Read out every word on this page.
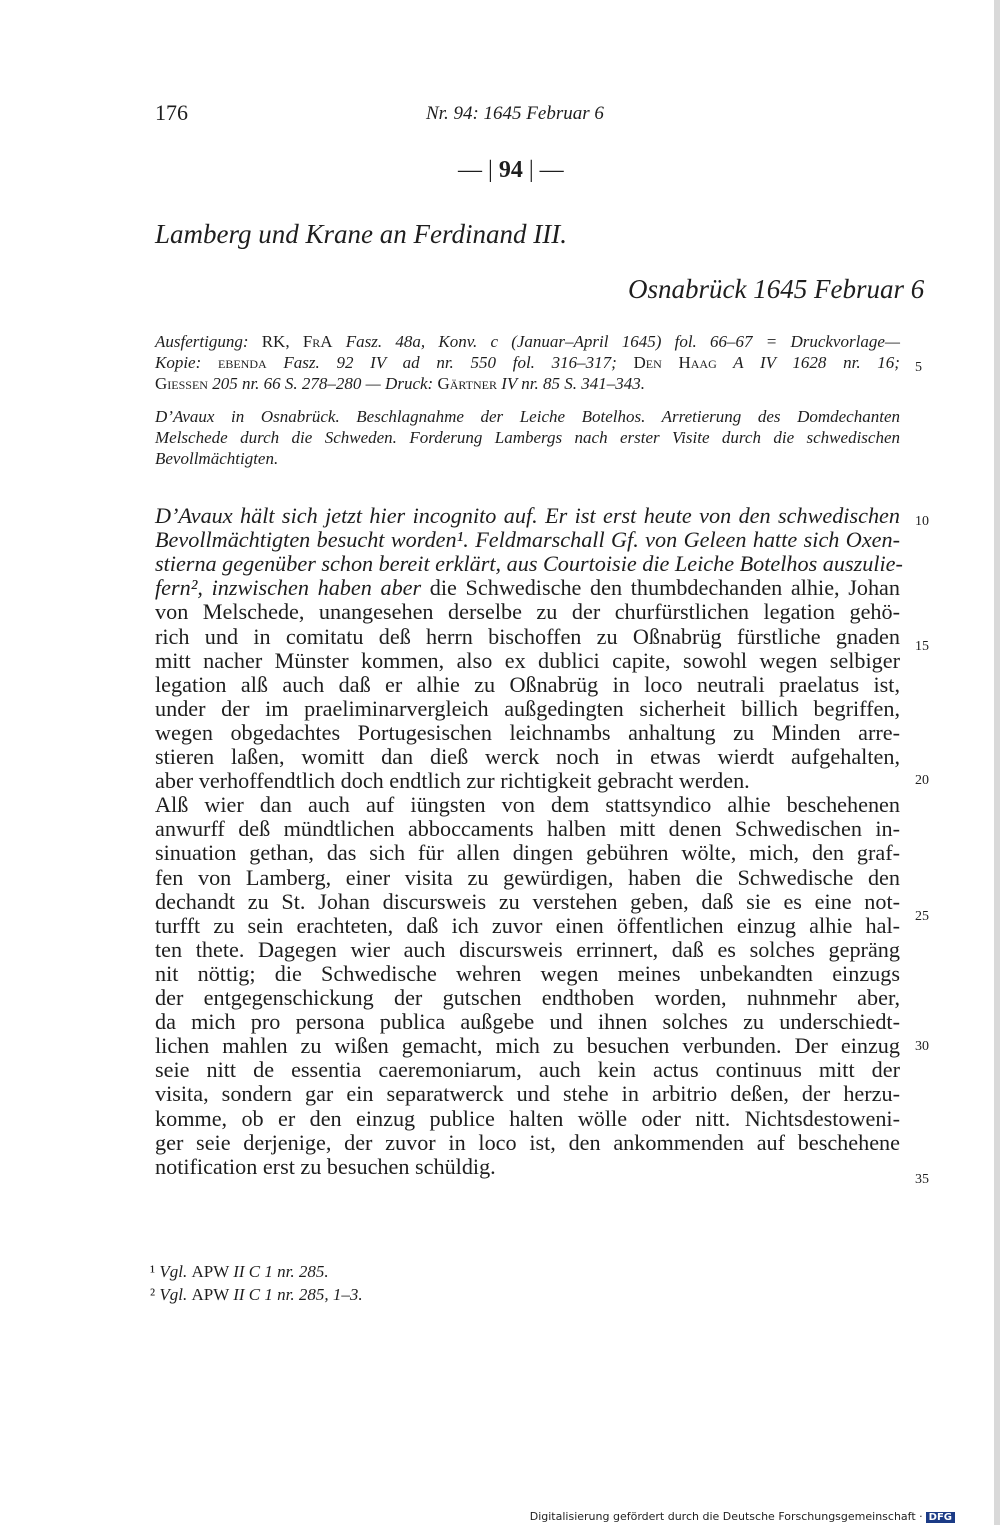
176	Nr. 94: 1645 Februar 6
— | 94 | —
Lamberg und Krane an Ferdinand III.
Osnabrück 1645 Februar 6
Ausfertigung: RK, FrA Fasz. 48a, Konv. c (Januar–April 1645) fol. 66–67 = Druckvorlage—
Kopie: ebenda Fasz. 92 IV ad nr. 550 fol. 316–317; Den Haag A IV 1628 nr. 16;
Giessen 205 nr. 66 S. 278–280 — Druck: Gärtner IV nr. 85 S. 341–343.
D’Avaux in Osnabrück. Beschlagnahme der Leiche Botelhos. Arretierung des Domdechanten
Melschede durch die Schweden. Forderung Lambergs nach erster Visite durch die schwedischen
Bevollmächtigten.
D’Avaux hält sich jetzt hier incognito auf. Er ist erst heute von den schwedischen
Bevollmächtigten besucht worden¹. Feldmarschall Gf. von Geleen hatte sich Oxen-
stierna gegenüber schon bereit erklärt, aus Courtoisie die Leiche Botelhos auszulie-
fern², inzwischen haben aber die Schwedische den thumbdechanden alhie, Johan
von Melschede, unangesehen derselbe zu der churfürstlichen legation gehö-
rich und in comitatu deß herrn bischoffen zu Oßnabrüg fürstliche gnaden
mitt nacher Münster kommen, also ex dublici capite, sowohl wegen selbiger
legation alß auch daß er alhie zu Oßnabrüg in loco neutrali praelatus ist,
under der im praeliminarvergleich außgedingten sicherheit billich begriffen,
wegen obgedachtes Portugesischen leichnambs anhaltung zu Minden arre-
stieren laßen, womitt dan dieß werck noch in etwas wierdt aufgehalten,
aber verhoffendtlich doch endtlich zur richtigkeit gebracht werden.
Alß wier dan auch auf iüngsten von dem stattsyndico alhie beschehenen
anwurff deß mündtlichen abboccaments halben mitt denen Schwedischen in-
sinuation gethan, das sich für allen dingen gebühren wölte, mich, den graf-
fen von Lamberg, einer visita zu gewürdigen, haben die Schwedische den
dechandt zu St. Johan discursweis zu verstehen geben, daß sie es eine not-
turfft zu sein erachteten, daß ich zuvor einen öffentlichen einzug alhie hal-
ten thete. Dagegen wier auch discursweis errinnert, daß es solches gepräng
nit nöttig; die Schwedische wehren wegen meines unbekandten einzugs
der entgegenschickung der gutschen endthoben worden, nuhnmehr aber,
da mich pro persona publica außgebe und ihnen solches zu underschiedt-
lichen mahlen zu wißen gemacht, mich zu besuchen verbunden. Der einzug
seie nitt de essentia caeremoniarum, auch kein actus continuus mitt der
visita, sondern gar ein separatwerck und stehe in arbitrio deßen, der herzu-
komme, ob er den einzug publice halten wölle oder nitt. Nichtsdestoweni-
ger seie derjenige, der zuvor in loco ist, den ankommenden auf beschehene
notification erst zu besuchen schüldig.
5
10
15
20
25
30
35
¹ Vgl. APW II C 1 nr. 285.
² Vgl. APW II C 1 nr. 285, 1–3.
Digitalisierung gefördert durch die Deutsche Forschungsgemeinschaft · DFG
